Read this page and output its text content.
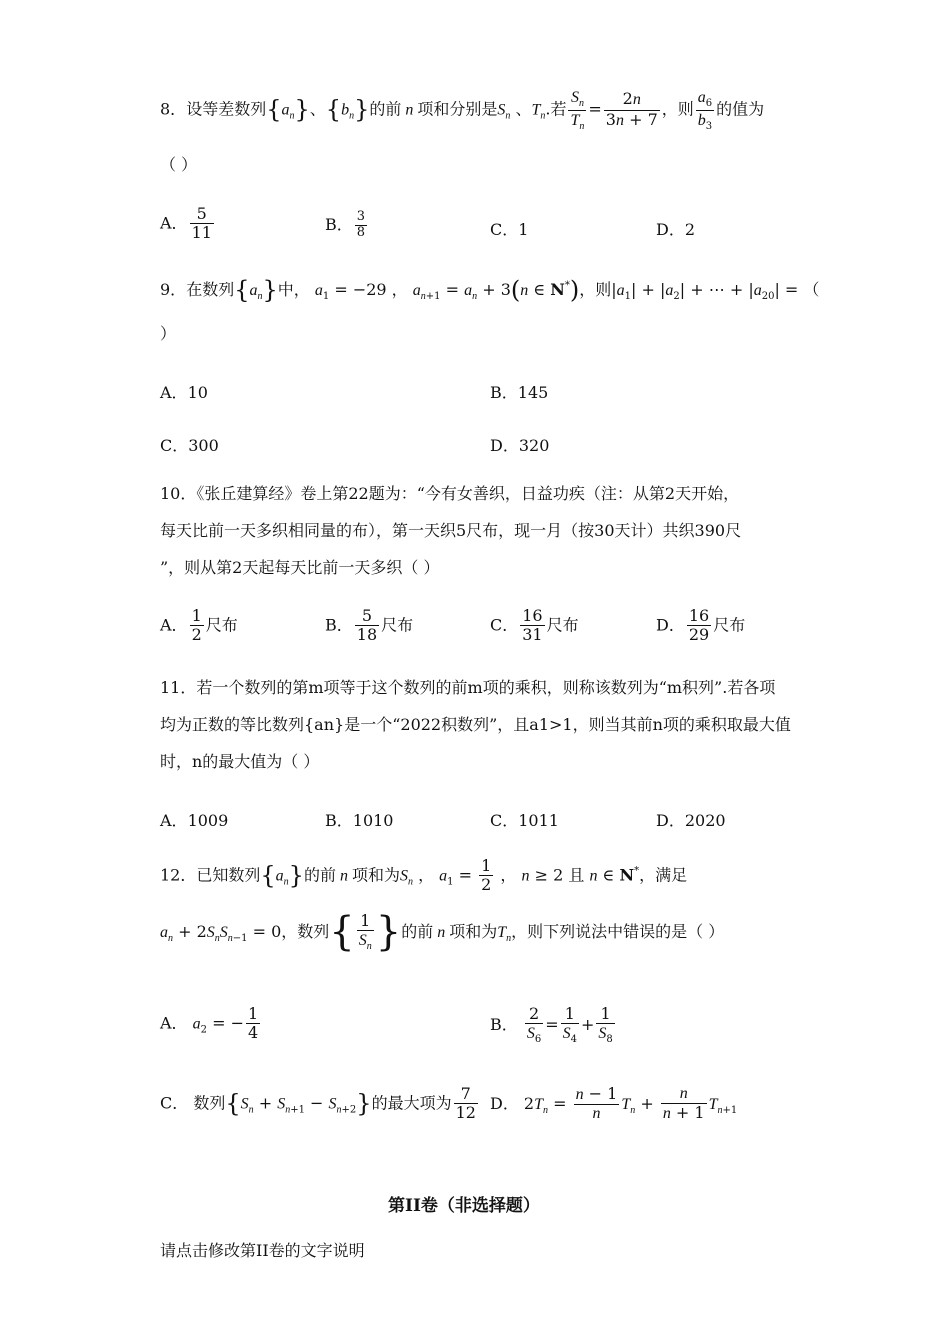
8．设等差数列$\{a_n\}$、$\{b_n\}$的前 n 项和分别是$S_n$ 、$T_n$.若 $\frac{S_n}{T_n} = \frac{2n}{3n + 7}$ ，则 $\frac{a_6}{b_3}$ 的值为
（ ）
A． $\frac{5}{11}$	B． $\frac{3}{8}$	C．1	D．2
9．在数列$\{a_n\}$中， $a_1 = -29$ ， $a_{n+1} = a_n + 3(n$ ∈ N*)，则$|a_1| + |a_2|$ + ⋯ + $|a_{20}|$ = （
）
A．10	B．145
C．300	D．320
10．《张丘建算经》卷上第22题为：“今有女善织，日益功疾（注：从第2天开始，
每天比前一天多织相同量的布），第一天织5尺布，现一月（按30天计）共织390尺
”，则从第2天起每天比前一天多织（ ）
A． $\frac{1}{2}$ 尺布	B． $\frac{5}{18}$ 尺布	C． $\frac{16}{31}$ 尺布	D． $\frac{16}{29}$ 尺布
11．若一个数列的第m项等于这个数列的前m项的乘积，则称该数列为“m积列”.若各项
均为正数的等比数列{an}是一个“2022积数列”，且a1>1，则当其前n项的乘积取最大值
时，n的最大值为（ ）
A．1009	B．1010	C．1011	D．2020
12．已知数列$\{a_n\}$的前 n 项和为$S_n$ ， $a_1 = \frac{1}{2}$ ， n ≥ 2 且 n ∈ N*，满足
$a_n + 2S_nS_{n-1} = 0$，数列{ $\frac{1}{S_n}$ }的前 n 项和为$T_n$，则下列说法中错误的是（ ）
A． $a_2$ = − $\frac{1}{4}$	B． $\frac{2}{S_6} = \frac{1}{S_4} + \frac{1}{S_8}$
C． 数列$\{S_n + S_{n+1} - S_{n+2}\}$的最大项为 $\frac{7}{12}$ D． $2T_n = \frac{n - 1}{n} T_n + \frac{n}{n + 1} T_{n+1}$
第II卷（非选择题）
请点击修改第II卷的文字说明
